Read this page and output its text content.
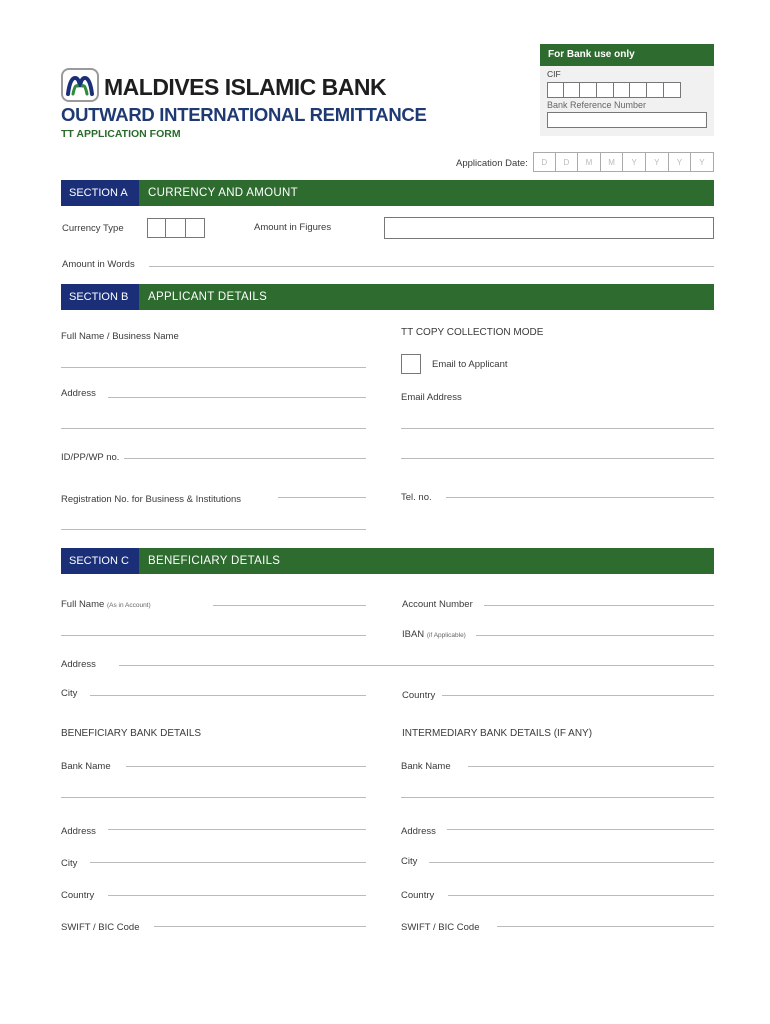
For Bank use only
CIF
Bank Reference Number
MALDIVES ISLAMIC BANK
OUTWARD INTERNATIONAL REMITTANCE
TT APPLICATION FORM
Application Date:	D	D	M	M	Y	Y	Y	Y
SECTION A	CURRENCY AND AMOUNT
Currency Type	Amount in Figures
Amount in Words
SECTION B	APPLICANT DETAILS
Full Name / Business Name
Address
ID/PP/WP no.
Registration No. for Business & Institutions
TT COPY COLLECTION MODE
Email to Applicant
Email Address
Tel. no.
SECTION C	BENEFICIARY DETAILS
Full Name (As in Account)
Address
City
Account Number
IBAN (if Applicable)
Country
BENEFICIARY BANK DETAILS
Bank Name
Address
City
Country
SWIFT / BIC Code
INTERMEDIARY BANK DETAILS (IF ANY)
Bank Name
Address
City
Country
SWIFT / BIC Code
